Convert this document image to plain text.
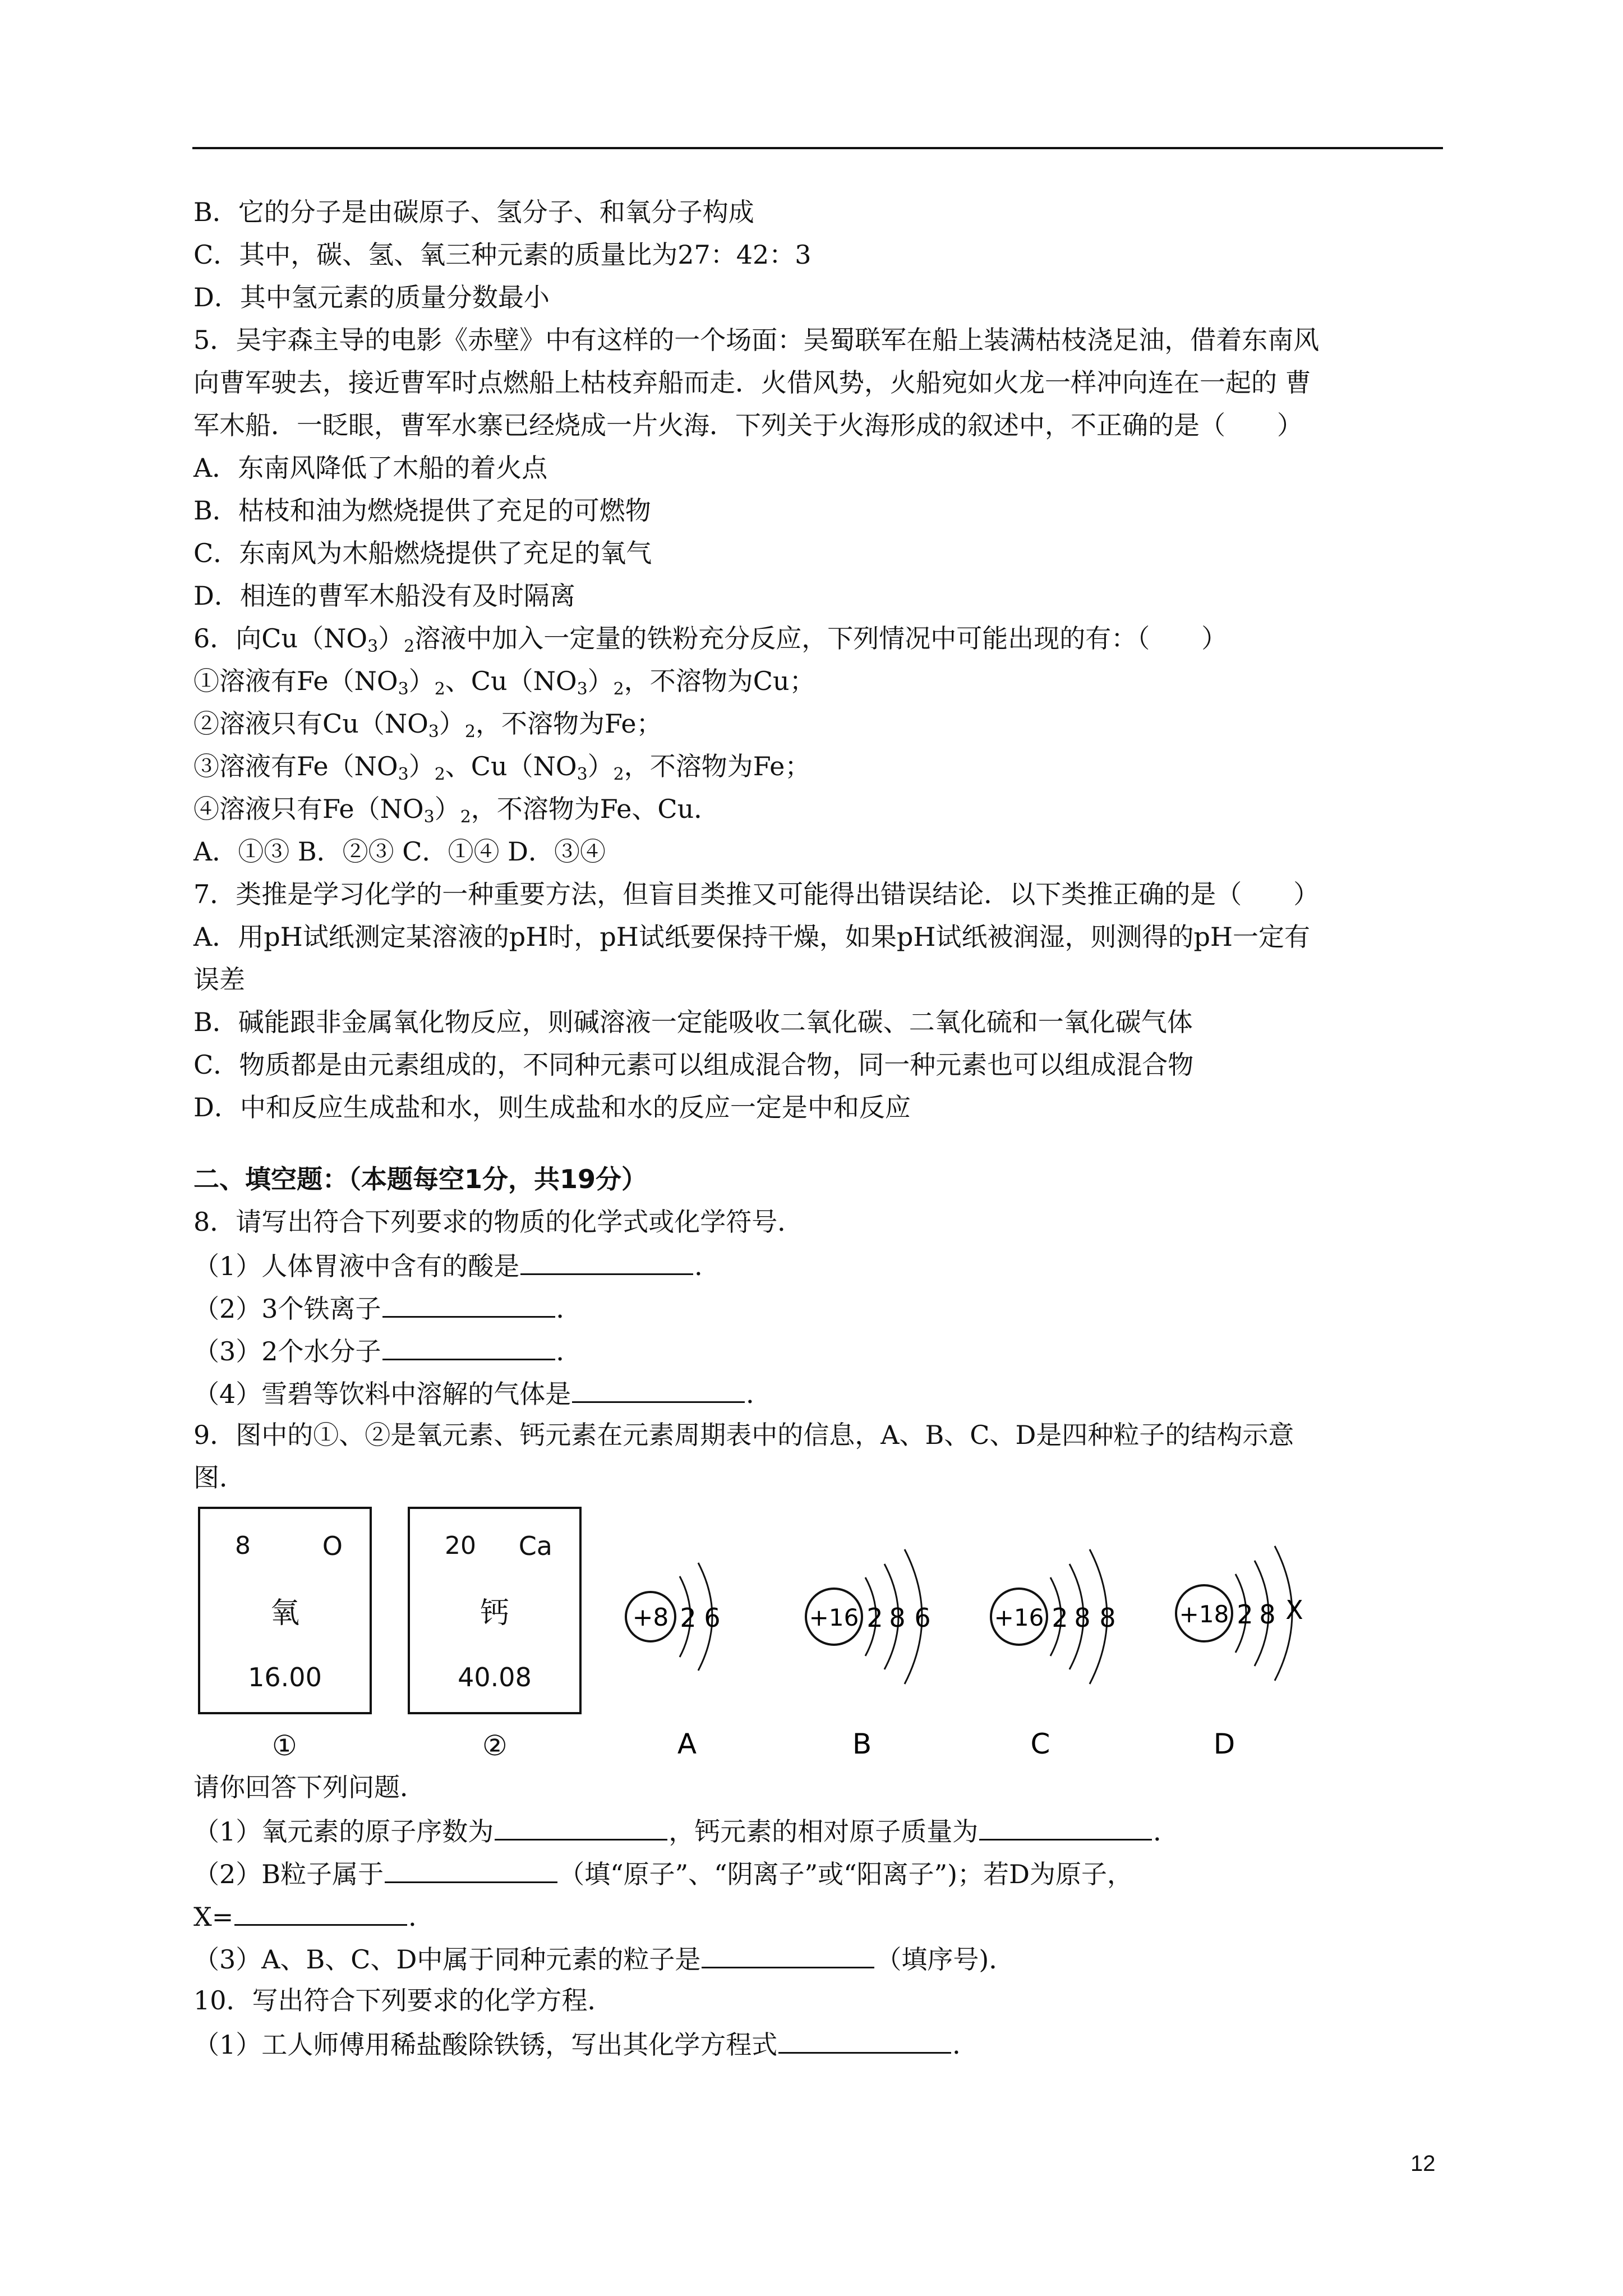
B．它的分子是由碳原子、氢分子、和氧分子构成
C．其中，碳、氢、氧三种元素的质量比为27：42：3
D．其中氢元素的质量分数最小
5．吴宇森主导的电影《赤壁》中有这样的一个场面：吴蜀联军在船上装满枯枝浇足油，借着东南风
向曹军驶去，接近曹军时点燃船上枯枝弃船而走．火借风势，火船宛如火龙一样冲向连在一起的 曹
军木船．一眨眼，曹军水寨已经烧成一片火海．下列关于火海形成的叙述中，不正确的是（　　）
A．东南风降低了木船的着火点
B．枯枝和油为燃烧提供了充足的可燃物
C．东南风为木船燃烧提供了充足的氧气
D．相连的曹军木船没有及时隔离
6．向$Cu(NO_3)_2$溶液中加入一定量的铁粉充分反应，下列情况中可能出现的有：（　　）
①溶液有$Fe(NO_3)_2$、$Cu(NO_3)_2$，不溶物为Cu；
②溶液只有$Cu(NO_3)_2$，不溶物为Fe；
③溶液有$Fe(NO_3)_2$、$Cu(NO_3)_2$，不溶物为Fe；
④溶液只有$Fe(NO_3)_2$，不溶物为Fe、Cu．
A．①③ B．②③ C．①④ D．③④
7．类推是学习化学的一种重要方法，但盲目类推又可能得出错误结论．以下类推正确的是（　　）
A．用pH试纸测定某溶液的pH时，pH试纸要保持干燥，如果pH试纸被润湿，则测得的pH一定有
误差
B．碱能跟非金属氧化物反应，则碱溶液一定能吸收二氧化碳、二氧化硫和一氧化碳气体
C．物质都是由元素组成的，不同种元素可以组成混合物，同一种元素也可以组成混合物
D．中和反应生成盐和水，则生成盐和水的反应一定是中和反应
二、填空题：（本题每空1分，共19分）
8．请写出符合下列要求的物质的化学式或化学符号．
（1）人体胃液中含有的酸是	．
（2）3个铁离子	．
（3）2个水分子	．
（4）雪碧等饮料中溶解的气体是	．
9．图中的①、②是氧元素、钙元素在元素周期表中的信息，A、B、C、D是四种粒子的结构示意
图．
8	O
氧
16.00
①
20 Ca
钙
40.08
②
+8 2 6
A
+16 2 8 6
B
+16 2 8 8
C
+18 2 8 X
D
请你回答下列问题．
（1）氧元素的原子序数为	，钙元素的相对原子质量为	．
（2）B粒子属于	（填“原子”、“阴离子”或“阳离子”)；若D为原子，
X=	．
（3）A、B、C、D中属于同种元素的粒子是	（填序号)．
10．写出符合下列要求的化学方程．
（1）工人师傅用稀盐酸除铁锈，写出其化学方程式	．
12
